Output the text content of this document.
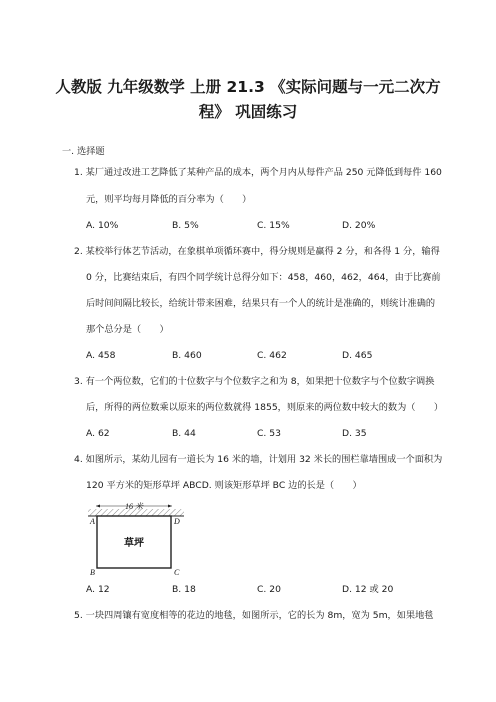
人教版 九年级数学 上册 21.3 《实际问题与一元二次方
程》 巩固练习
一. 选择题
1. 某厂通过改进工艺降低了某种产品的成本，两个月内从每件产品 250 元降低到每件 160
元，则平均每月降低的百分率为（　　）
A. 10%	B. 5%	C. 15%	D. 20%
2. 某校举行体艺节活动，在象棋单项循环赛中，得分规则是赢得 2 分，和各得 1 分，输得
0 分，比赛结束后，有四个同学统计总得分如下：458，460，462，464，由于比赛前
后时间间隔比较长，给统计带来困难，结果只有一个人的统计是准确的，则统计准确的
那个总分是（　　）
A. 458	B. 460	C. 462	D. 465
3. 有一个两位数，它们的十位数字与个位数字之和为 8，如果把十位数字与个位数字调换
后，所得的两位数乘以原来的两位数就得 1855，则原来的两位数中较大的数为（　　）
A. 62	B. 44	C. 53	D. 35
4. 如图所示，某幼儿园有一道长为 16 米的墙，计划用 32 米长的围栏靠墙围成一个面积为
120 平方米的矩形草坪 ABCD. 则该矩形草坪 BC 边的长是（　　）
16 米
草坪
A	D
B	C
A. 12	B. 18	C. 20	D. 12 或 20
5. 一块四周镶有宽度相等的花边的地毯，如图所示，它的长为 8m，宽为 5m，如果地毯
